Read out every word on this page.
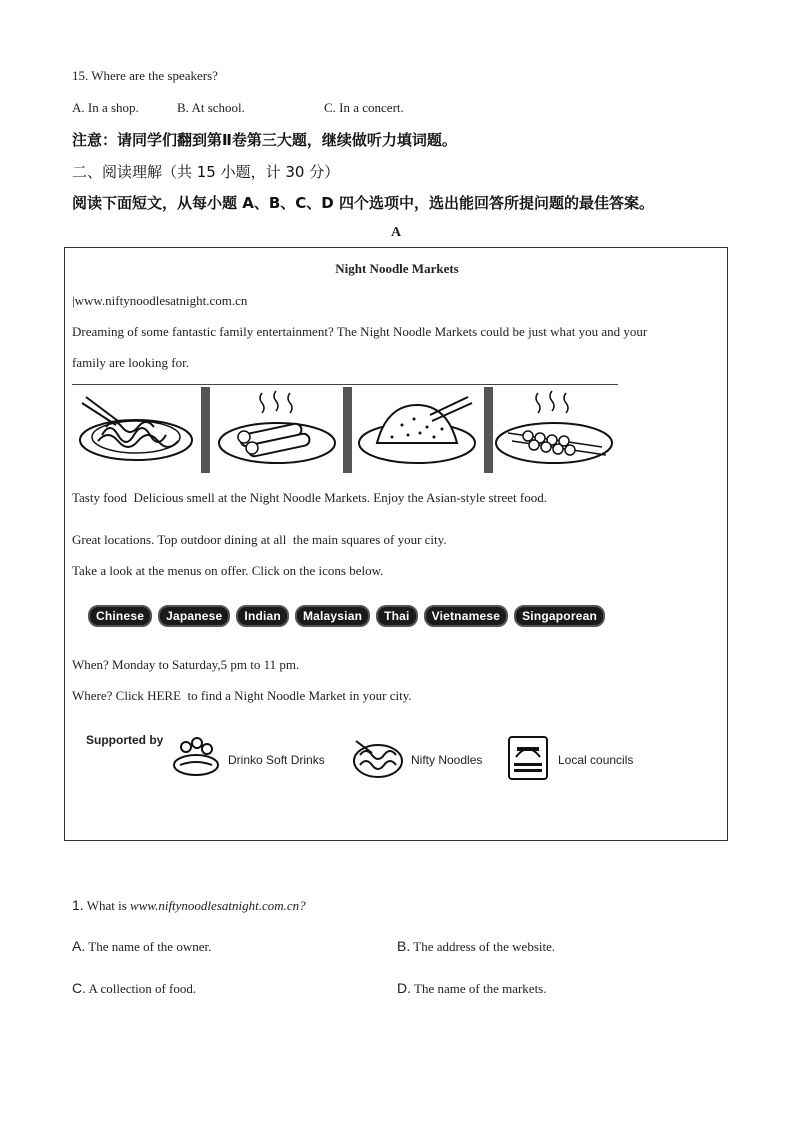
15. Where are the speakers?
A. In a shop.	B. At school.	C. In a concert.
注意：请同学们翻到第Ⅱ卷第三大题，继续做听力填词题。
二、阅读理解（共 15 小题，计 30 分）
阅读下面短文，从每小题 A、B、C、D 四个选项中，选出能回答所提问题的最佳答案。
A
Night Noodle Markets
|www.niftynoodlesatnight.com.cn
Dreaming of some fantastic family entertainment? The Night Noodle Markets could be just what you and your
family are looking for.
Tasty food  Delicious smell at the Night Noodle Markets. Enjoy the Asian-style street food.
Great locations. Top outdoor dining at all  the main squares of your city.
Take a look at the menus on offer. Click on the icons below.
Chinese Japanese Indian Malaysian Thai Vietnamese Singaporean
When? Monday to Saturday,5 pm to 11 pm.
Where? Click HERE  to find a Night Noodle Market in your city.
Supported by
Drinko Soft Drinks	Nifty Noodles	Local councils
1. What is www.niftynoodlesatnight.com.cn?
A. The name of the owner.	B. The address of the website.
C. A collection of food.	D. The name of the markets.
